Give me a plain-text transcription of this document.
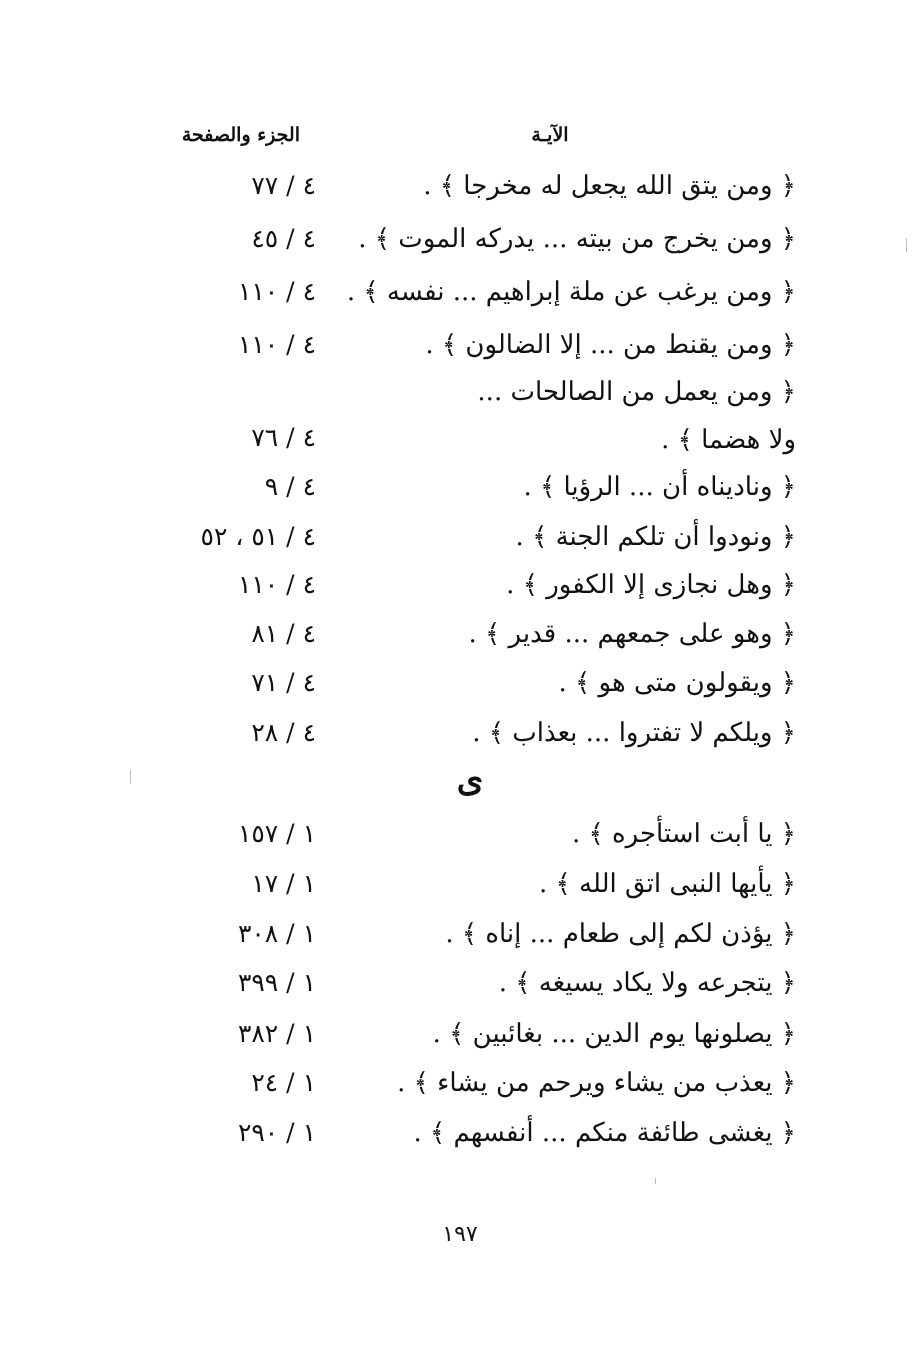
الآيـة
الجزء والصفحة
﴿ ومن يتق الله يجعل له مخرجا ﴾ .
٤ / ٧٧
﴿ ومن يخرج من بيته ... يدركه الموت ﴾ .
٤ / ٤٥
﴿ ومن يرغب عن ملة إبراهيم ... نفسه ﴾ .
٤ / ١١٠
﴿ ومن يقنط من ... إلا الضالون ﴾ .
٤ / ١١٠
﴿ ومن يعمل من الصالحات ... ولا هضما ﴾ .
٤ / ٧٦
﴿ وناديناه أن ... الرؤيا ﴾ .
٤ / ٩
﴿ ونودوا أن تلكم الجنة ﴾ .
٤ / ٥١ ، ٥٢
﴿ وهل نجازى إلا الكفور ﴾ .
٤ / ١١٠
﴿ وهو على جمعهم ... قدير ﴾ .
٤ / ٨١
﴿ ويقولون متى هو ﴾ .
٤ / ٧١
﴿ ويلكم لا تفتروا ... بعذاب ﴾ .
٤ / ٢٨
ى
﴿ يا أبت استأجره ﴾ .
١ / ١٥٧
﴿ يأيها النبى اتق الله ﴾ .
١ / ١٧
﴿ يؤذن لكم إلى طعام ... إناه ﴾ .
١ / ٣٠٨
﴿ يتجرعه ولا يكاد يسيغه ﴾ .
١ / ٣٩٩
﴿ يصلونها يوم الدين ... بغائبين ﴾ .
١ / ٣٨٢
﴿ يعذب من يشاء ويرحم من يشاء ﴾ .
١ / ٢٤
﴿ يغشى طائفة منكم ... أنفسهم ﴾ .
١ / ٢٩٠
١٩٧
